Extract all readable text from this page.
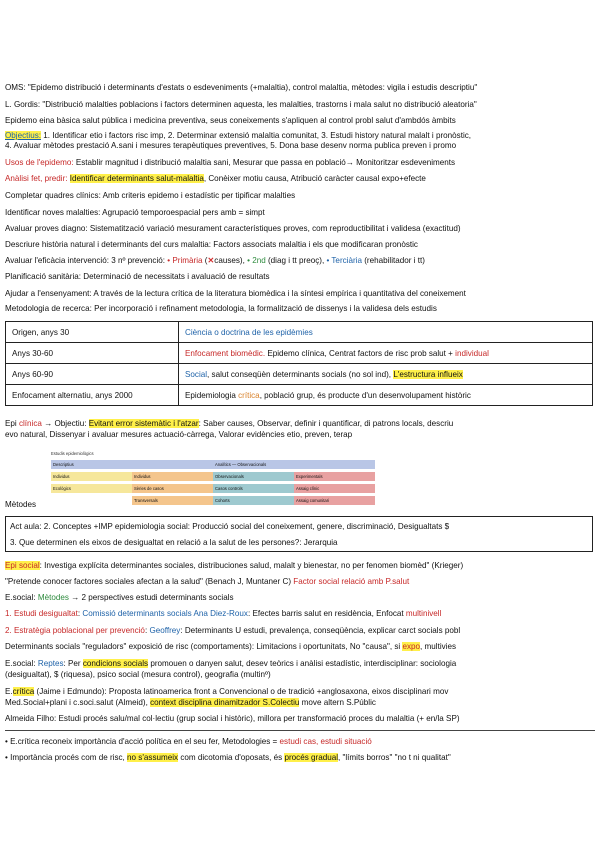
OMS: "Epidemo distribució i determinants d'estats o esdeveniments (+malaltia), control malaltia, mètodes: vigila i estudis descriptiu"
L. Gordis: "Distribució malalties poblacions i factors determinen aquesta, les malalties, trastorns i mala salut no distribució aleatoria"
Epidemo eina bàsica salut pública i medicina preventiva, seus coneixements s'apliquen al control probl salut d'ambdós àmbits
Objectius: 1. Identificar etio i factors risc imp, 2. Determinar extensió malaltia comunitat, 3. Estudi history natural malalt i pronòstic,
4. Avaluar mètodes prestació A.sani i mesures terapèutiques preventives, 5. Dona base desenv norma publica preven i promo
Usos de l'epidemo: Establir magnitud i distribució malaltia sani, Mesurar que passa en població→ Monitoritzar esdeveniments
Anàlisi fet, predir: Identificar determinants salut-malaltia, Conèixer motiu causa, Atribució caràcter causal expo+efecte
Completar quadres clínics: Amb criteris epidemo i estadístic per tipificar malalties
Identificar noves malalties: Agrupació temporoespacial pers amb = simpt
Avaluar proves diagno: Sistematització variació mesurament característiques proves, com reproductibilitat i validesa (exactitud)
Descriure història natural i determinants del curs malaltia: Factors associats malaltia i els que modificaran pronòstic
Avaluar l'eficàcia intervenció: 3 nº prevenció: • Primària (✕causes), • 2nd (diag i tt preoç), • Terciària (rehabilitador i tt)
Planificació sanitària: Determinació de necessitats i avaluació de resultats
Ajudar a l'ensenyament: A través de la lectura crítica de la literatura biomèdica i la síntesi empírica i quantitativa del coneixement
Metodologia de recerca: Per incorporació i refinament metodologia, la formalització de dissenys i la validesa dels estudis
Origen, anys 30	Ciència o doctrina de les epidèmies
Anys 30-60	Enfocament biomèdic. Epidemo clínica, Centrat factors de risc prob salut + individual
Anys 60-90	Social, salut conseqüèn determinants socials (no sol ind), L'estructura influeix
Enfocament alternatiu, anys 2000	Epidemiologia crítica, població grup, és producte d'un desenvolupament històric
Epi clínica → Objectiu: Evitant error sistemàtic i l'atzar: Saber causes, Observar, definir i quantificar, di patrons locals, descriu
evo natural, Dissenyar i avaluar mesures actuació-càrrega, Valorar evidències etio, preven, terap
Estudis epidemiològics
Descriptius	Analítics — Observacionals
Individus	Individus	Observacionals	Experimentals
Ecològics	Sèries de casos	Casos controls	Assaig clínic
Transversals	Cohorts	Assaig comunitari
Mètodes
Act aula: 2. Conceptes +IMP epidemiologia social: Producció social del coneixement, genere, discriminació, Desigualtats $
3. Que determinen els eixos de desigualtat en relació a la salut de les persones?: Jerarquia
Epi social: Investiga explícita determinantes sociales, distribuciones salud, malalt y bienestar, no per fenomen biomèd" (Krieger)
"Pretende conocer factores sociales afectan a la salud" (Benach J, Muntaner C) Factor social relació amb P.salut
E.social: Mètodes → 2 perspectives estudi determinants socials
1. Estudi desigualtat: Comissió determinants socials Ana Diez-Roux: Efectes barris salut en residència, Enfocat multinivell
2. Estratègia poblacional per prevenció: Geoffrey: Determinants U estudi, prevalença, conseqüència, explicar carct socials pobl
Determinants socials "reguladors" exposició de risc (comportaments): Limitacions i oportunitats, No "causa", si expo, multivies
E.social: Reptes: Per condicions socials promouen o danyen salut, desev teòrics i anàlisi estadístic, interdisciplinar: sociologia
(desigualtat), $ (riquesa), psico social (mesura control), geografia (multinº)
E.crítica (Jaime i Edmundo): Proposta latinoamerica front a Convencional o de tradició +anglosaxona, eixos disciplinari mov
Med.Social+plani i c.soci.salut (Almeid), context disciplina dinamitzador S.Colectiu move altern S.Públic
Almeida Filho: Estudi procés salu/mal col·lectiu (grup social i històric), millora per transformació proces du malaltia (+ en/la SP)
• E.crítica reconeix importància d'acció política en el seu fer, Metodologies = estudi cas, estudi situació
• Importància procés com de risc, no s'assumeix com dicotomia d'oposats, és procés gradual, "límits borros" "no t ni qualitat"
